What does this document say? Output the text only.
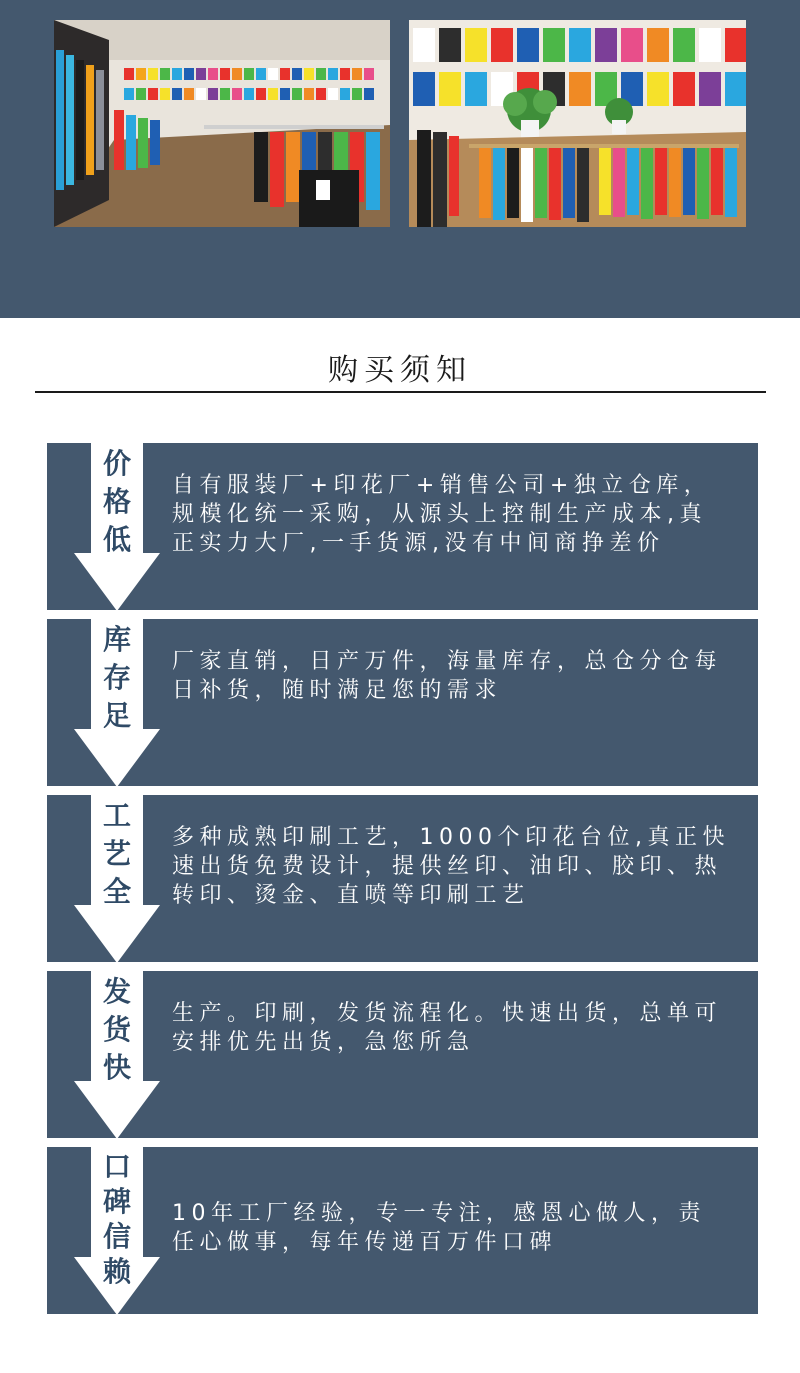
购买须知
价
格
低

自有服装厂+印花厂+销售公司+独立仓库，规模化统一采购，从源头上控制生产成本,真正实力大厂,一手货源,没有中间商挣差价

库
存
足

厂家直销，日产万件，海量库存，总仓分仓每日补货，随时满足您的需求

工
艺
全

多种成熟印刷工艺，1000个印花台位,真正快速出货免费设计，提供丝印、油印、胶印、热转印、烫金、直喷等印刷工艺

发
货
快

生产。印刷，发货流程化。快速出货，总单可安排优先出货，急您所急

口
碑
信
赖

10年工厂经验，专一专注，感恩心做人，责任心做事，每年传递百万件口碑
